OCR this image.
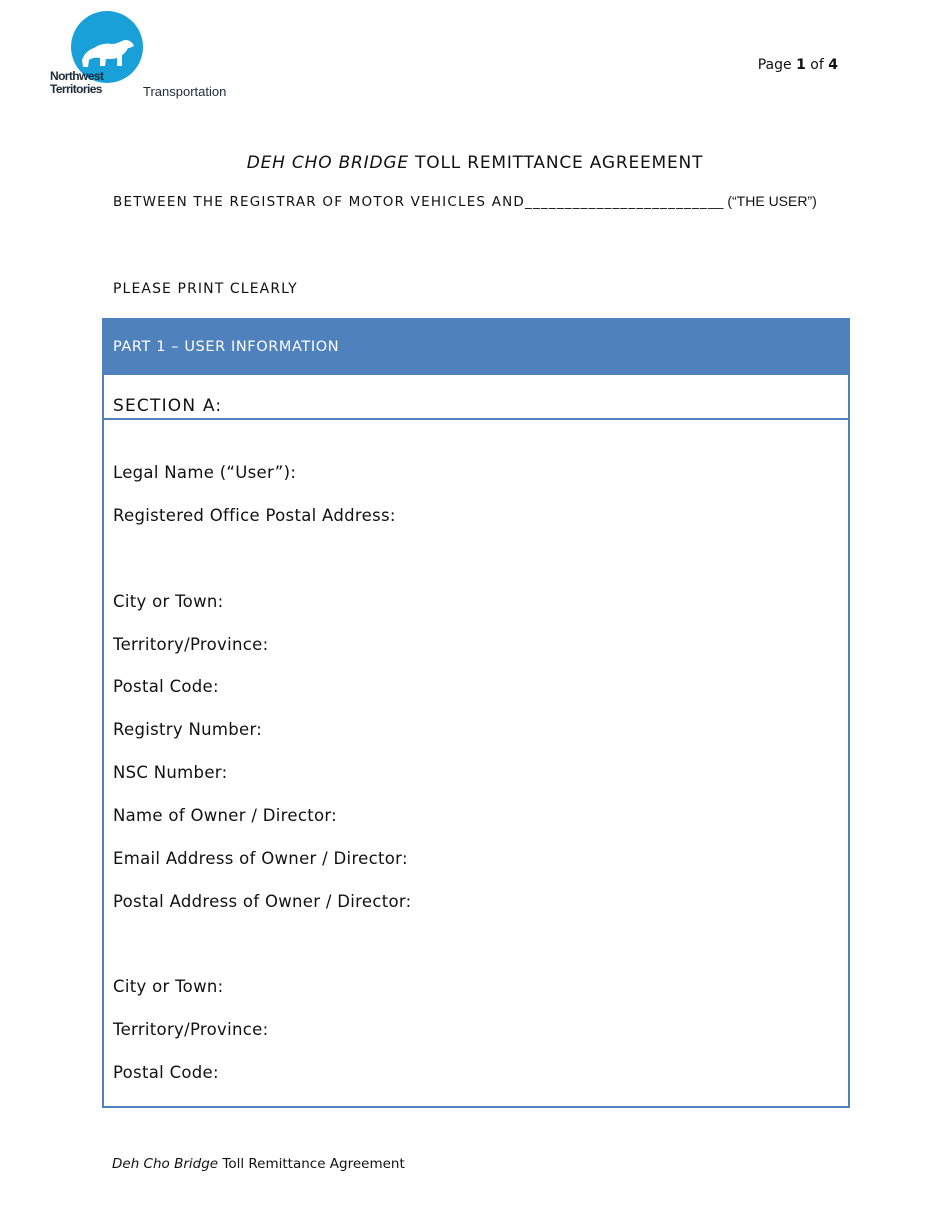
Northwest
Territories	Transportation
Page 1 of 4
DEH CHO BRIDGE TOLL REMITTANCE AGREEMENT
BETWEEN THE REGISTRAR OF MOTOR VEHICLES AND_________________________ (“THE USER”)
PLEASE PRINT CLEARLY
PART 1 – USER INFORMATION
SECTION A:
Legal Name (“User”):
Registered Office Postal Address:
City or Town:
Territory/Province:
Postal Code:
Registry Number:
NSC Number:
Name of Owner / Director:
Email Address of Owner / Director:
Postal Address of Owner / Director:
City or Town:
Territory/Province:
Postal Code:
Deh Cho Bridge Toll Remittance Agreement
